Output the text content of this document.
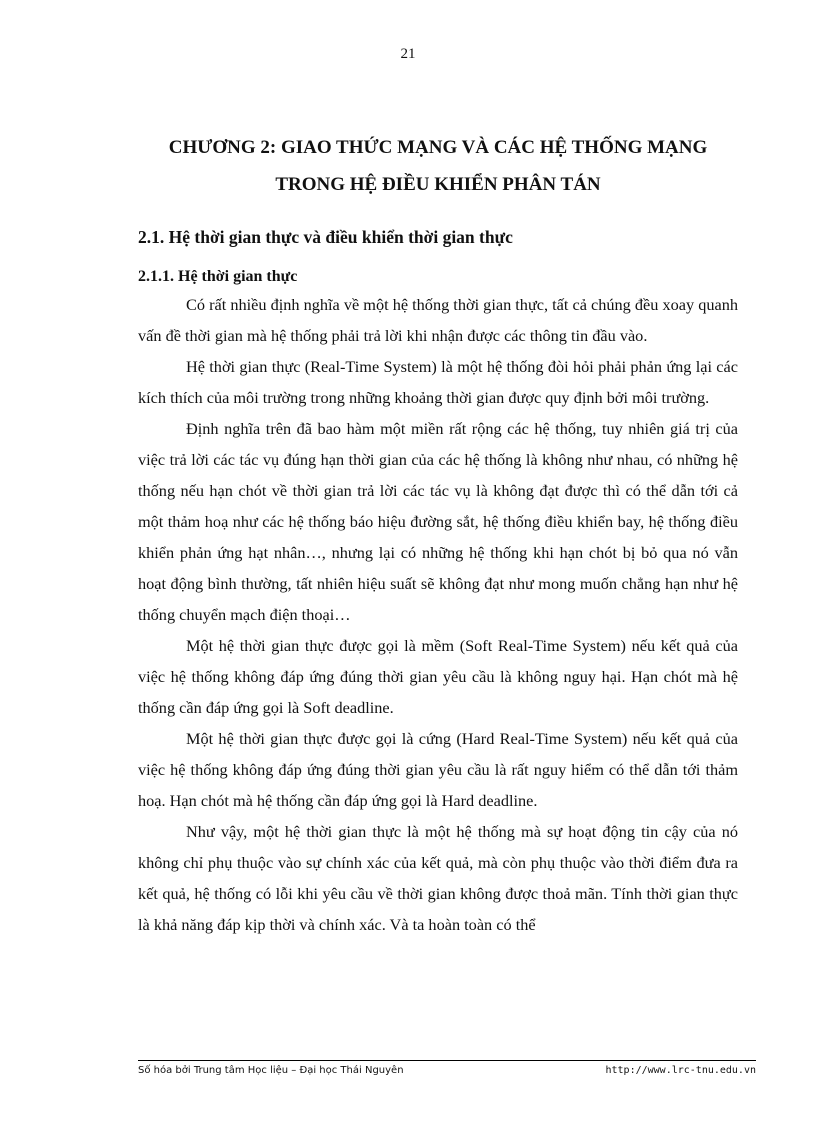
21
CHƯƠNG 2: GIAO THỨC MẠNG VÀ CÁC HỆ THỐNG MẠNG
TRONG HỆ ĐIỀU KHIỂN PHÂN TÁN
2.1. Hệ thời gian thực và điều khiển thời gian thực
2.1.1. Hệ thời gian thực

Có rất nhiều định nghĩa về một hệ thống thời gian thực, tất cả chúng đều xoay quanh vấn đề thời gian mà hệ thống phải trả lời khi nhận được các thông tin đầu vào.

Hệ thời gian thực (Real-Time System) là một hệ thống đòi hỏi phải phản ứng lại các kích thích của môi trường trong những khoảng thời gian được quy định bởi môi trường.

Định nghĩa trên đã bao hàm một miền rất rộng các hệ thống, tuy nhiên giá trị của việc trả lời các tác vụ đúng hạn thời gian của các hệ thống là không như nhau, có những hệ thống nếu hạn chót về thời gian trả lời các tác vụ là không đạt được thì có thể dẫn tới cả một thảm hoạ như các hệ thống báo hiệu đường sắt, hệ thống điều khiển bay, hệ thống điều khiển phản ứng hạt nhân…, nhưng lại có những hệ thống khi hạn chót bị bỏ qua nó vẫn hoạt động bình thường, tất nhiên hiệu suất sẽ không đạt như mong muốn chẳng hạn như hệ thống chuyển mạch điện thoại…

Một hệ thời gian thực được gọi là mềm (Soft Real-Time System) nếu kết quả của việc hệ thống không đáp ứng đúng thời gian yêu cầu là không nguy hại. Hạn chót mà hệ thống cần đáp ứng gọi là Soft deadline.

Một hệ thời gian thực được gọi là cứng (Hard Real-Time System) nếu kết quả của việc hệ thống không đáp ứng đúng thời gian yêu cầu là rất nguy hiểm có thể dẫn tới thảm hoạ. Hạn chót mà hệ thống cần đáp ứng gọi là Hard deadline.

Như vậy, một hệ thời gian thực là một hệ thống mà sự hoạt động tin cậy của nó không chỉ phụ thuộc vào sự chính xác của kết quả, mà còn phụ thuộc vào thời điểm đưa ra kết quả, hệ thống có lỗi khi yêu cầu về thời gian không được thoả mãn. Tính thời gian thực là khả năng đáp kịp thời và chính xác. Và ta hoàn toàn có thể

Số hóa bởi Trung tâm Học liệu – Đại học Thái Nguyên	http://www.lrc-tnu.edu.vn
